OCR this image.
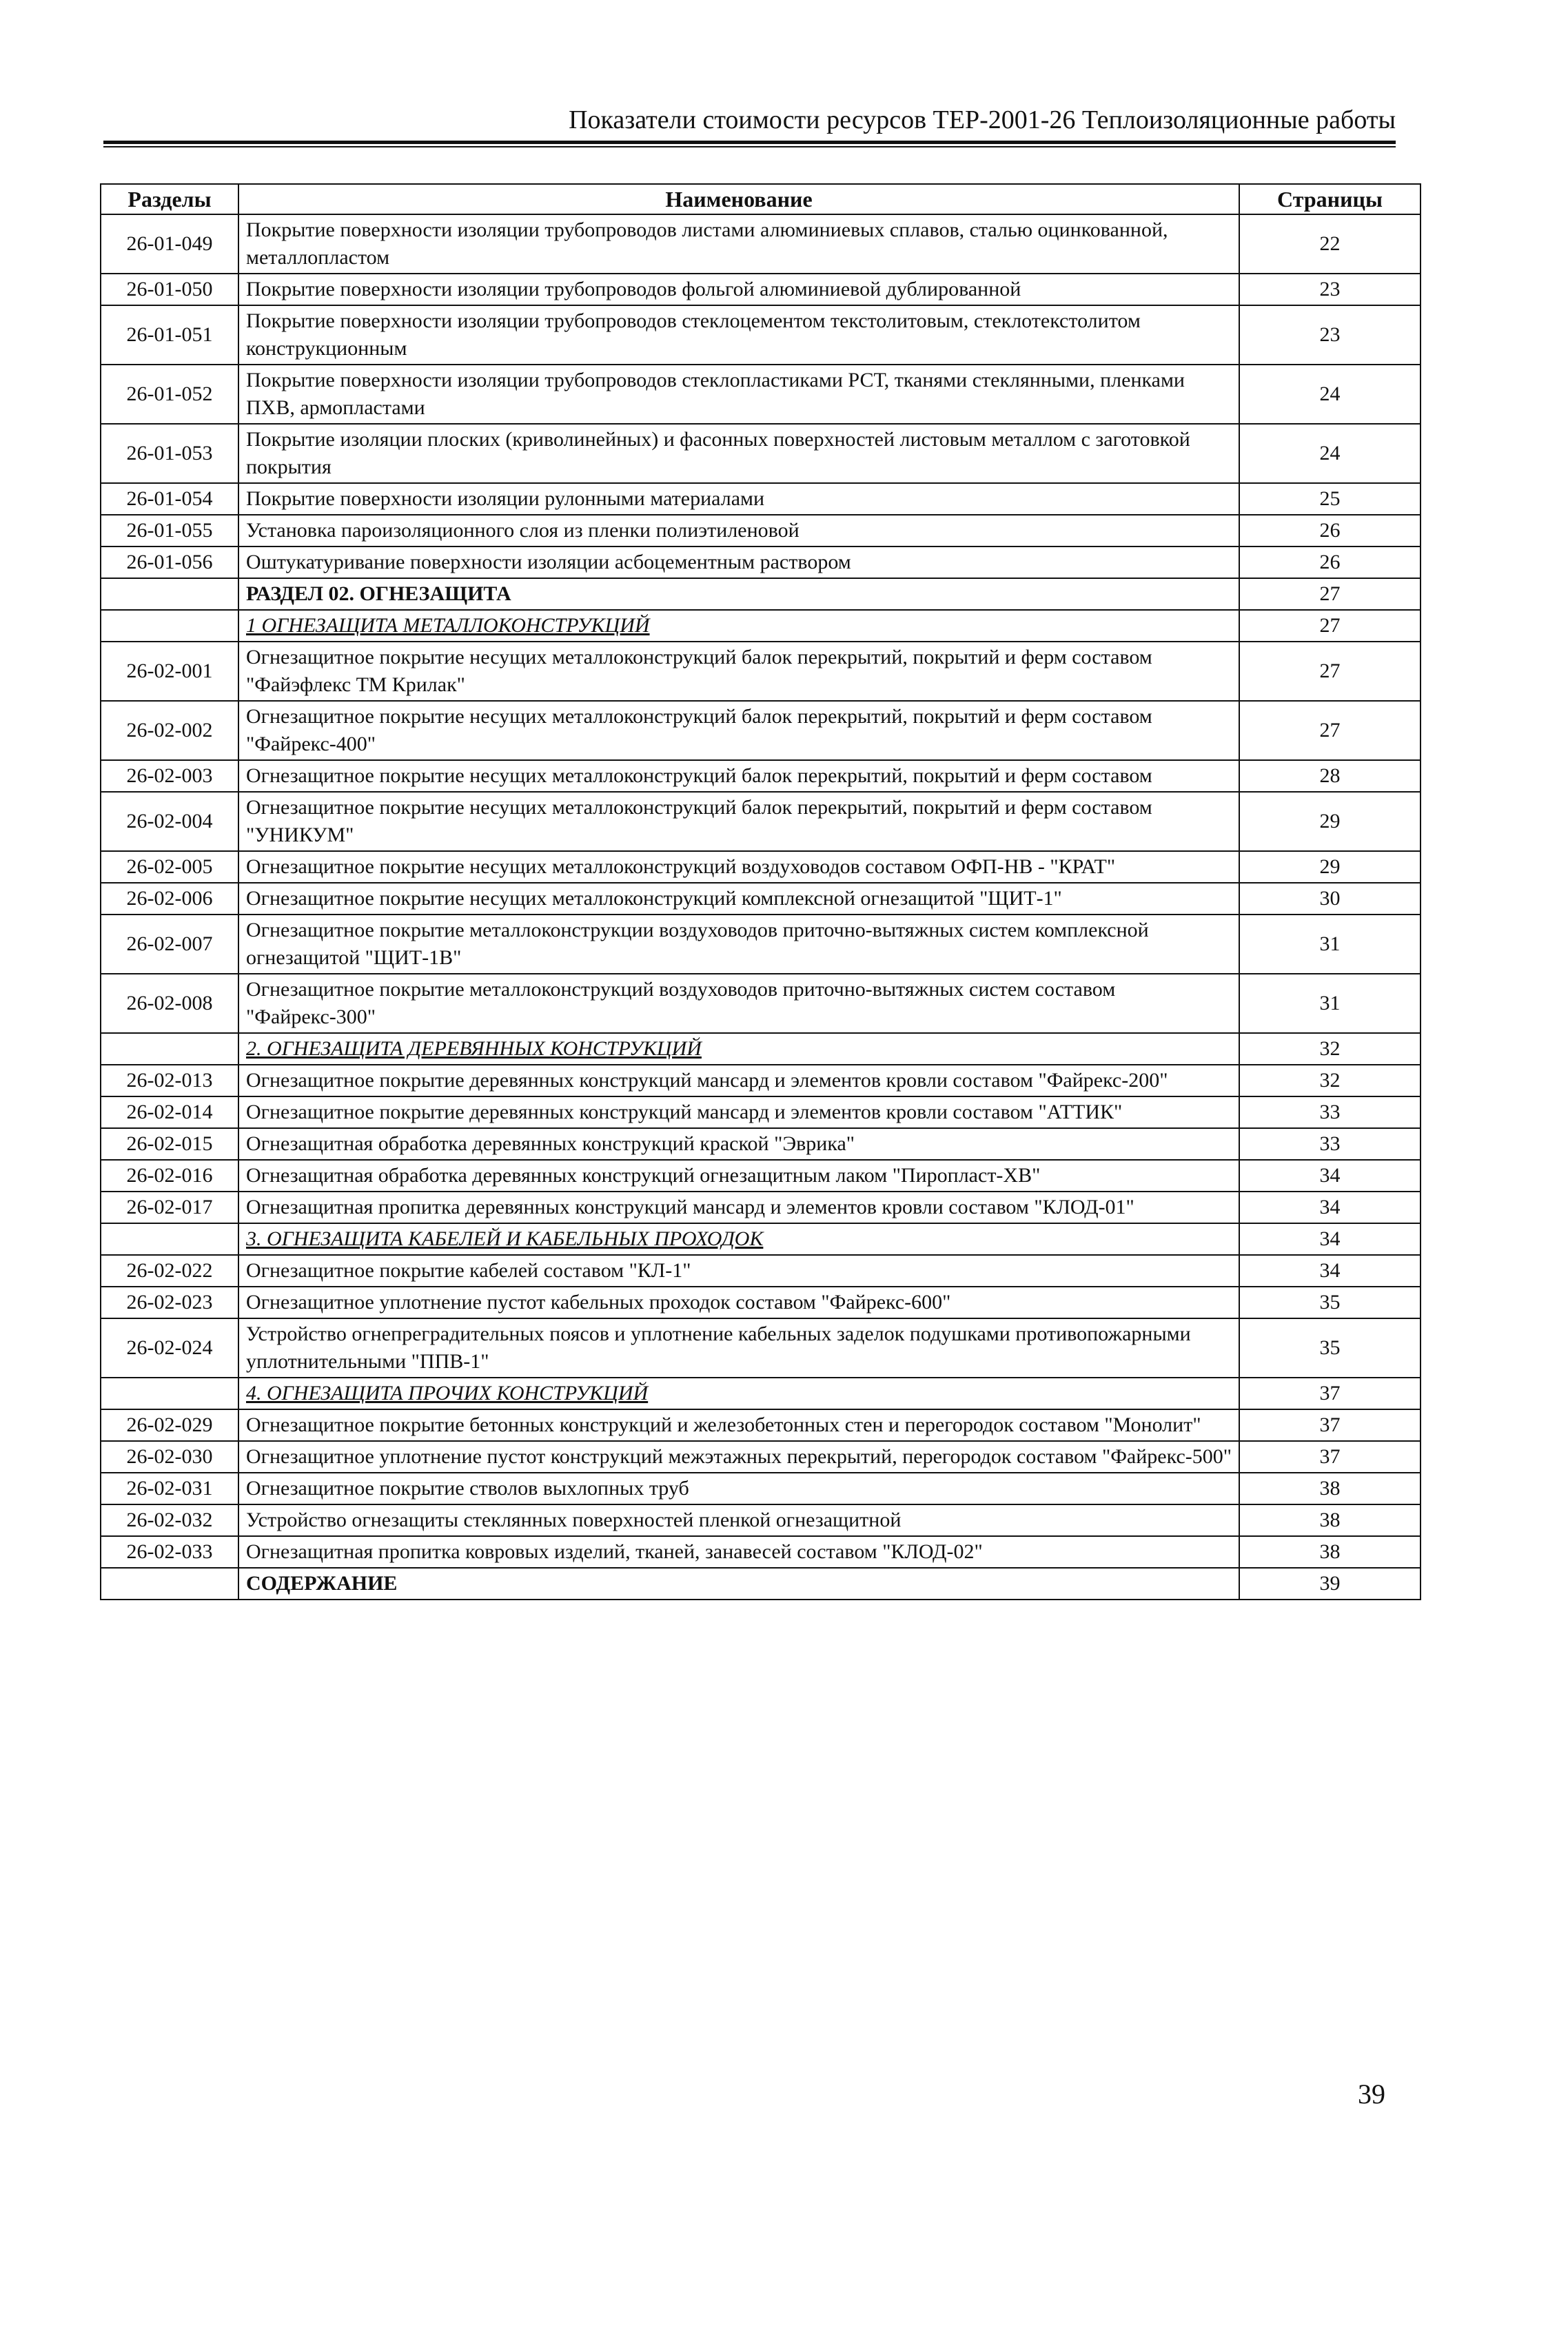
Показатели стоимости ресурсов ТЕР-2001-26 Теплоизоляционные работы
Разделы	Наименование	Страницы
26-01-049	Покрытие поверхности изоляции трубопроводов листами алюминиевых сплавов, сталью оцинкованной, металлопластом	22
26-01-050	Покрытие поверхности изоляции трубопроводов фольгой алюминиевой дублированной	23
26-01-051	Покрытие поверхности изоляции трубопроводов стеклоцементом текстолитовым, стеклотекстолитом конструкционным	23
26-01-052	Покрытие поверхности изоляции трубопроводов стеклопластиками РСТ, тканями стеклянными, пленками ПХВ, армопластами	24
26-01-053	Покрытие изоляции плоских (криволинейных) и фасонных поверхностей листовым металлом с заготовкой покрытия	24
26-01-054	Покрытие поверхности изоляции рулонными материалами	25
26-01-055	Установка пароизоляционного слоя из пленки полиэтиленовой	26
26-01-056	Оштукатуривание поверхности изоляции асбоцементным раствором	26
	РАЗДЕЛ 02. ОГНЕЗАЩИТА	27
	1 ОГНЕЗАЩИТА МЕТАЛЛОКОНСТРУКЦИЙ	27
26-02-001	Огнезащитное покрытие несущих металлоконструкций балок перекрытий, покрытий и ферм составом "Файэфлекс ТМ Крилак"	27
26-02-002	Огнезащитное покрытие несущих металлоконструкций балок перекрытий, покрытий и ферм составом "Файрекс-400"	27
26-02-003	Огнезащитное покрытие несущих металлоконструкций балок перекрытий, покрытий и ферм составом	28
26-02-004	Огнезащитное покрытие несущих металлоконструкций балок перекрытий, покрытий и ферм составом "УНИКУМ"	29
26-02-005	Огнезащитное покрытие несущих металлоконструкций воздуховодов составом ОФП-НВ - "КРАТ"	29
26-02-006	Огнезащитное покрытие несущих металлоконструкций комплексной огнезащитой "ЩИТ-1"	30
26-02-007	Огнезащитное покрытие металлоконструкции воздуховодов приточно-вытяжных систем комплексной огнезащитой "ЩИТ-1В"	31
26-02-008	Огнезащитное покрытие металлоконструкций воздуховодов приточно-вытяжных систем составом "Файрекс-300"	31
	2. ОГНЕЗАЩИТА ДЕРЕВЯННЫХ КОНСТРУКЦИЙ	32
26-02-013	Огнезащитное покрытие деревянных конструкций мансард и элементов кровли составом "Файрекс-200"	32
26-02-014	Огнезащитное покрытие деревянных конструкций мансард и элементов кровли составом "АТТИК"	33
26-02-015	Огнезащитная обработка деревянных конструкций краской "Эврика"	33
26-02-016	Огнезащитная обработка деревянных конструкций огнезащитным лаком "Пиропласт-ХВ"	34
26-02-017	Огнезащитная пропитка деревянных конструкций мансард и элементов кровли составом "КЛОД-01"	34
	3. ОГНЕЗАЩИТА КАБЕЛЕЙ И КАБЕЛЬНЫХ ПРОХОДОК	34
26-02-022	Огнезащитное покрытие кабелей составом "КЛ-1"	34
26-02-023	Огнезащитное уплотнение пустот кабельных проходок составом "Файрекс-600"	35
26-02-024	Устройство огнепреградительных поясов и уплотнение кабельных заделок подушками противопожарными уплотнительными "ППВ-1"	35
	4. ОГНЕЗАЩИТА ПРОЧИХ КОНСТРУКЦИЙ	37
26-02-029	Огнезащитное покрытие бетонных конструкций и железобетонных стен и перегородок составом "Монолит"	37
26-02-030	Огнезащитное уплотнение пустот конструкций межэтажных перекрытий, перегородок составом "Файрекс-500"	37
26-02-031	Огнезащитное покрытие стволов выхлопных труб	38
26-02-032	Устройство огнезащиты стеклянных поверхностей пленкой огнезащитной	38
26-02-033	Огнезащитная пропитка ковровых изделий, тканей, занавесей составом "КЛОД-02"	38
	СОДЕРЖАНИЕ	39
39
